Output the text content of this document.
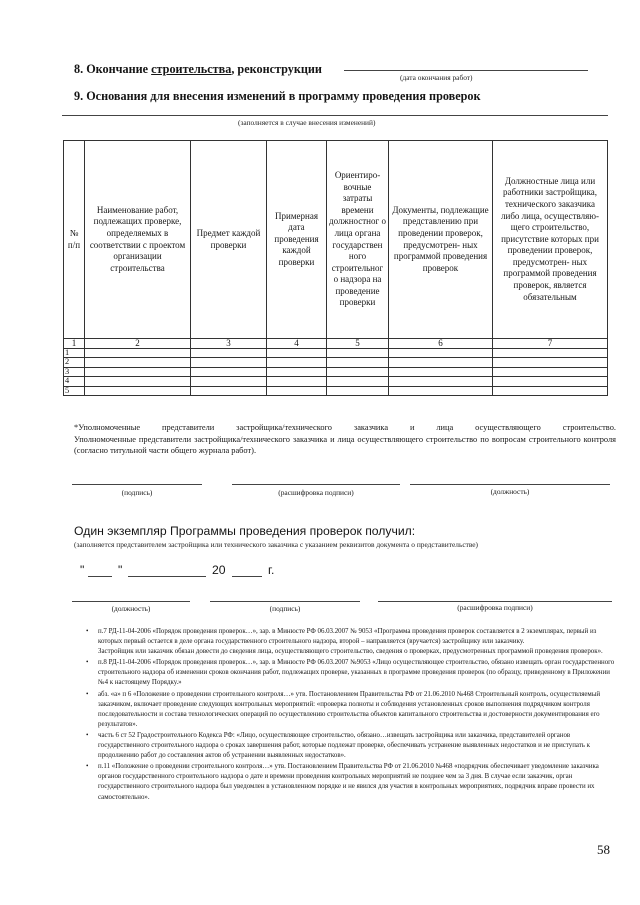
8. Окончание строительства, реконструкции
(дата окончания работ)
9. Основания для внесения изменений в программу проведения проверок
(заполняется в случае внесения изменений)
№ п/п	Наименование работ, подлежащих проверке, определяемых в соответствии с проектом организации строительства	Предмет каждой проверки	Примерная дата проведения каждой проверки	Ориентиро- вочные затраты времени должностног о лица органа государствен ного строительног о надзора на проведение проверки	Документы, подлежащие представлению при проведении проверок, предусмотрен- ных программой проведения проверок	Должностные лица или работники застройщика, технического заказчика либо лица, осуществляю- щего строительство, присутствие которых при проведении проверок, предусмотрен- ных программой проведения проверок, является обязательным
1	2	3	4	5	6	7
1						
2						
3						
4						
5						
*Уполномоченные представители застройщика/технического заказчика и лица осуществляющего строительство.
Уполномоченные представители застройщика/технического заказчика и лица осуществляющего строительство по вопросам строительного контроля (согласно титульной части общего журнала работ).
(подпись)	(расшифровка подписи)	(должность)
Один экземпляр Программы проведения проверок получил:
(заполняется представителем застройщика или технического заказчика с указанием реквизитов документа о представительстве)
"	"	20	г.
(должность)	(подпись)	(расшифровка подписи)
• п.7 РД-11-04-2006 «Порядок проведения проверок…», зар. в Минюсте РФ 06.03.2007 № 9053 «Программа проведения проверок составляется в 2 экземплярах, первый из которых первый остается в деле органа государственного строительного надзора, второй – направляется (вручается) застройщику или заказчику.
Застройщик или заказчик обязан довести до сведения лица, осуществляющего строительство, сведения о проверках, предусмотренных программой проведения проверок».
• п.8 РД-11-04-2006 «Порядок проведения проверок…», зар. в Минюсте РФ 06.03.2007 №9053 «Лицо осуществляющее строительство, обязано извещать орган государственного строительного надзора об изменении сроков окончания работ, подлежащих проверке, указанных в программе проведения проверок (по образцу, приведенному в Приложении №4 к настоящему Порядку.»
• абз. «а» п 6 «Положение о проведении строительного контроля…» утв. Постановлением Правительства РФ от 21.06.2010 №468 Строительный контроль, осуществляемый заказчиком, включает проведение следующих контрольных мероприятий: «проверка полноты и соблюдения установленных сроков выполнения подрядчиком контроля последовательности и состава технологических операций по осуществлению строительства объектов капитального строительства и достоверности документирования его результатов».
• часть 6 ст 52 Градостроительного Кодекса РФ: «Лицо, осуществляющее строительство, обязано…извещать застройщика или заказчика, представителей органов государственного строительного надзора о сроках завершения работ, которые подлежат проверке, обеспечивать устранение выявленных недостатков и не приступать к продолжению работ до составления актов об устранении выявленных недостатков».
• п.11 «Положение о проведении строительного контроля…» утв. Постановлением Правительства РФ от 21.06.2010 №468 «подрядчик обеспечивает уведомление заказчика органов государственного строительного надзора о дате и времени проведения контрольных мероприятий не позднее чем за 3 дня. В случае если заказчик, орган государственного строительного надзора был уведомлен в установленном порядке и не явился для участия в контрольных мероприятиях, подрядчик вправе провести их самостоятельно».
58
